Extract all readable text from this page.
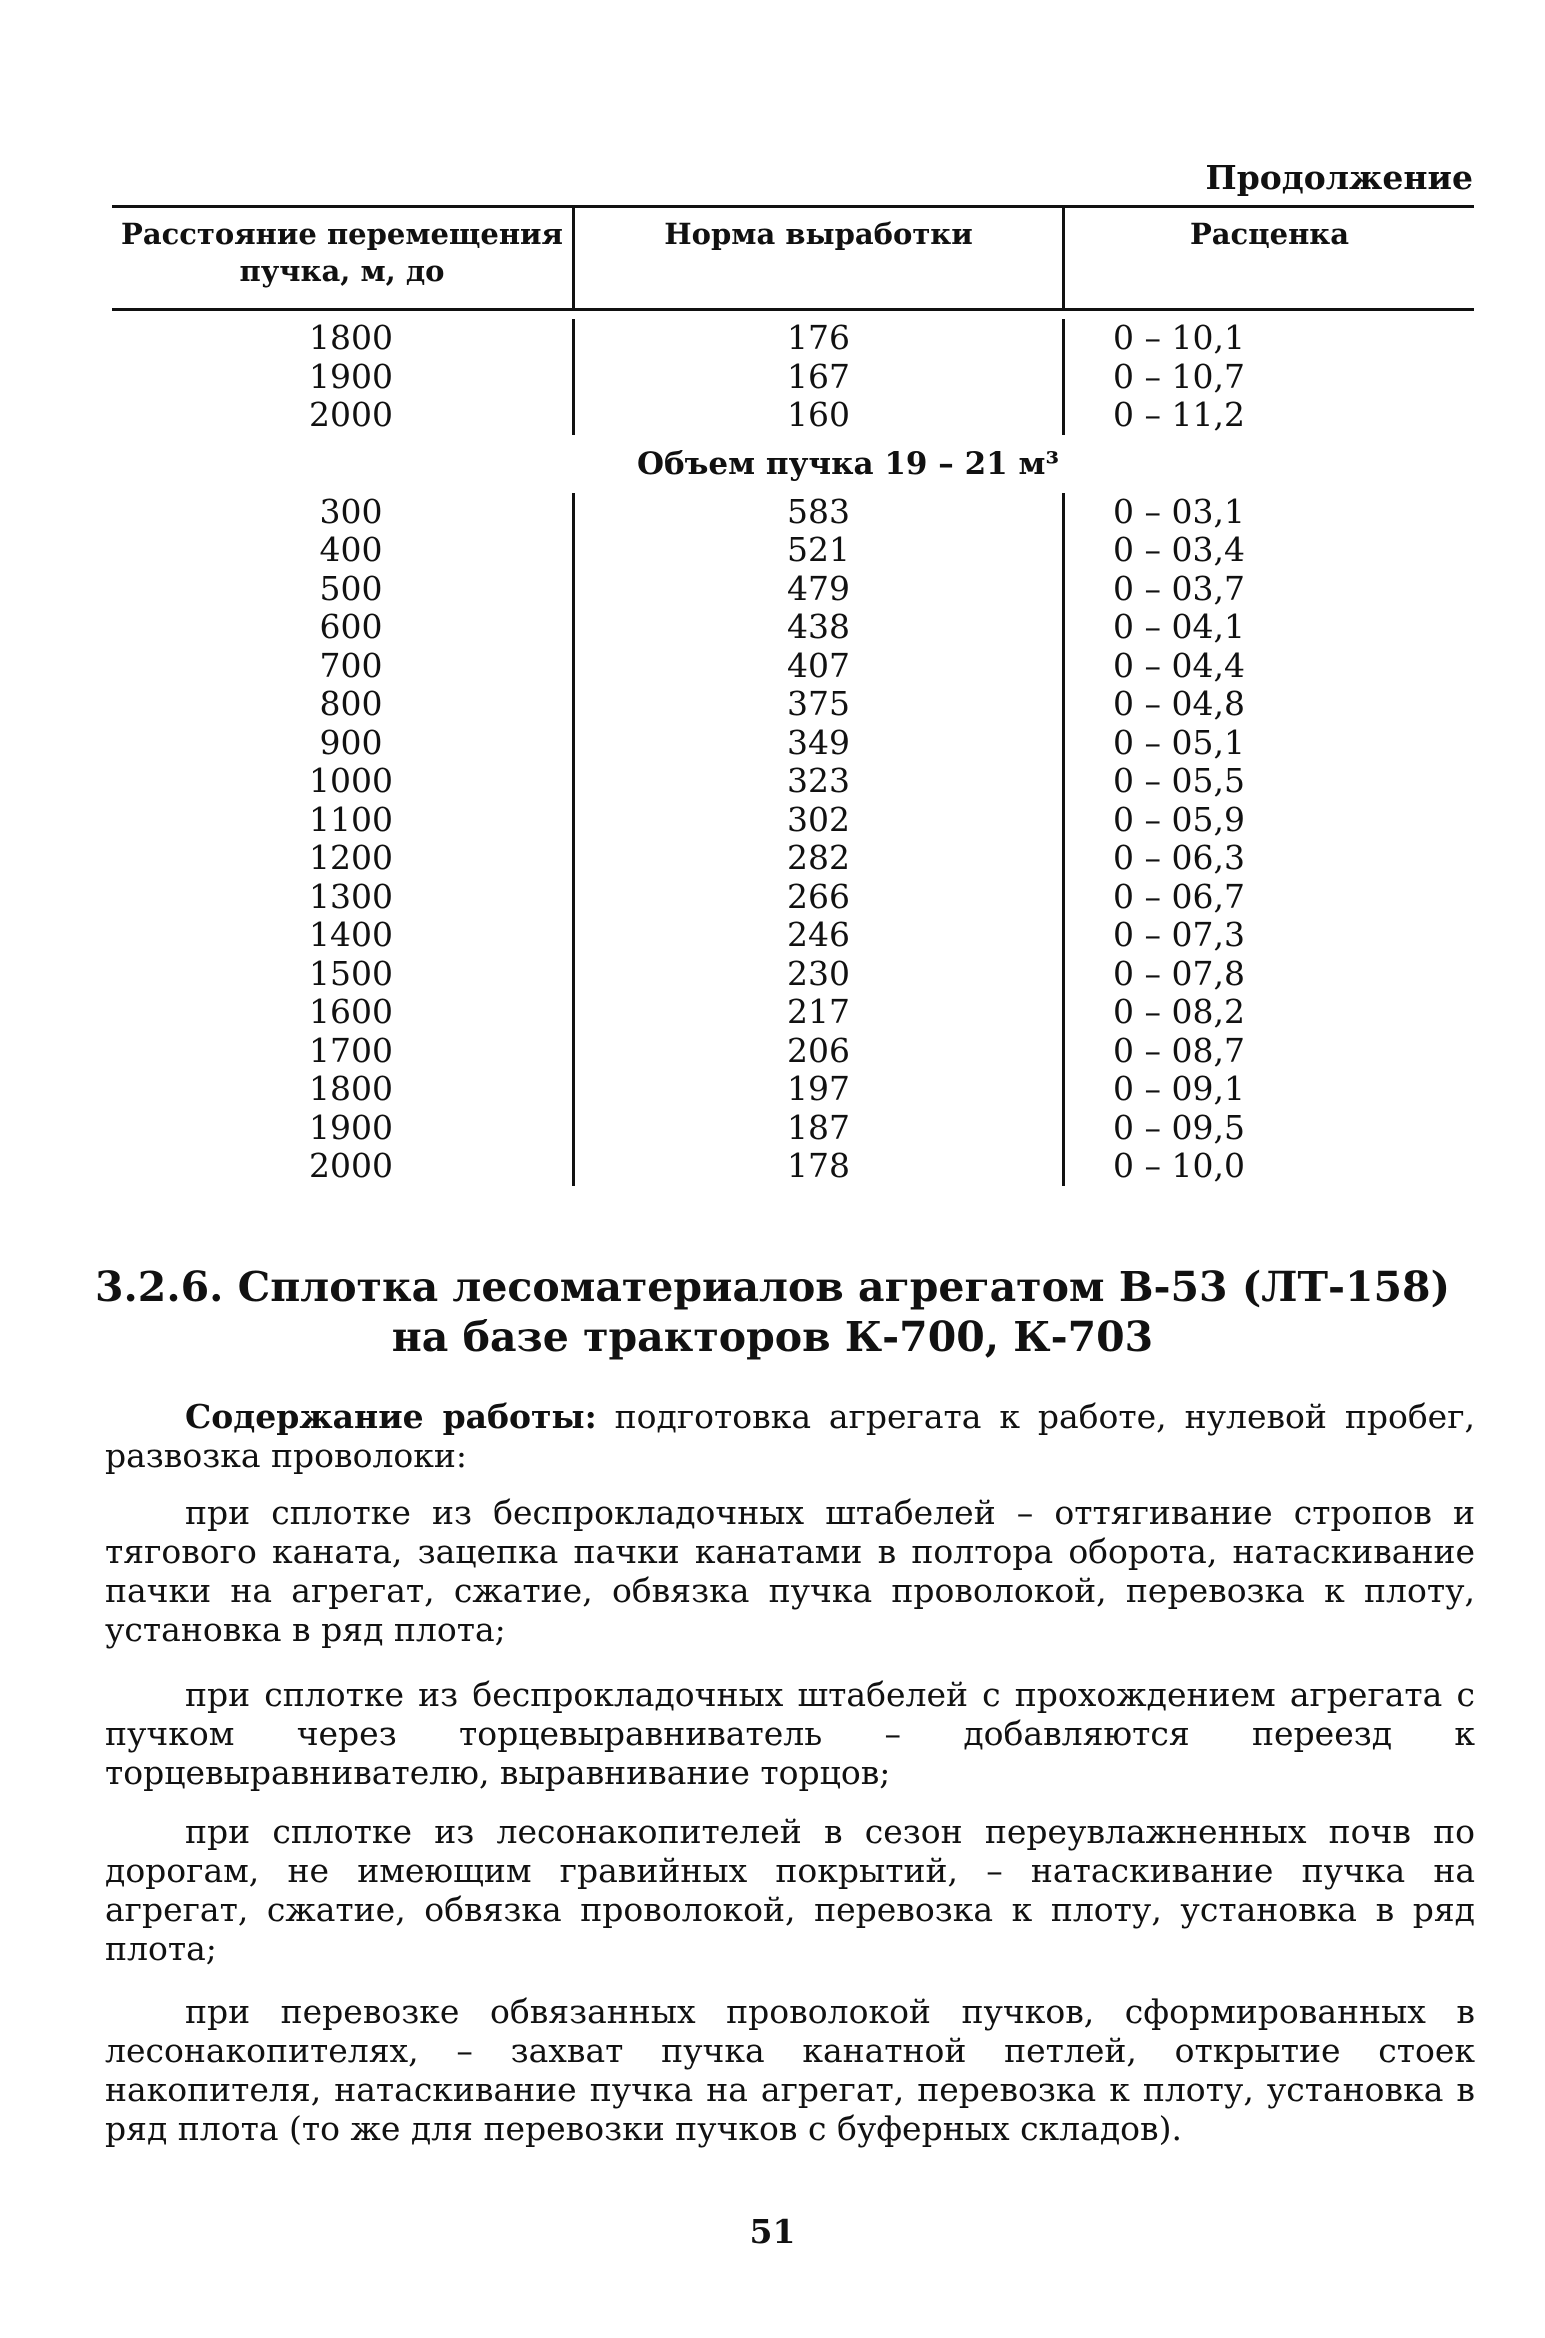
Продолжение
Расстояние перемещения пучка, м, до
Норма выработки	Расценка
1800
1900
2000
176
167
160
0 – 10,1
0 – 10,7
0 – 11,2
Объем пучка 19 – 21 м³
300
400
500
600
700
800
900
1000
1100
1200
1300
1400
1500
1600
1700
1800
1900
2000
583
521
479
438
407
375
349
323
302
282
266
246
230
217
206
197
187
178
0 – 03,1
0 – 03,4
0 – 03,7
0 – 04,1
0 – 04,4
0 – 04,8
0 – 05,1
0 – 05,5
0 – 05,9
0 – 06,3
0 – 06,7
0 – 07,3
0 – 07,8
0 – 08,2
0 – 08,7
0 – 09,1
0 – 09,5
0 – 10,0
3.2.6. Сплотка лесоматериалов агрегатом В-53 (ЛТ-158)
на базе тракторов К-700, К-703
Содержание работы: подготовка агрегата к работе, нулевой пробег, развозка проволоки:
при сплотке из беспрокладочных штабелей – оттягивание стропов и тягового каната, зацепка пачки канатами в полтора оборота, натаскивание пачки на агрегат, сжатие, обвязка пучка проволокой, перевозка к плоту, установка в ряд плота;
при сплотке из беспрокладочных штабелей с прохождением агрегата с пучком через торцевыравниватель – добавляются переезд к торцевыравнивателю, выравнивание торцов;
при сплотке из лесонакопителей в сезон переувлажненных почв по дорогам, не имеющим гравийных покрытий, – натаскивание пучка на агрегат, сжатие, обвязка проволокой, перевозка к плоту, установка в ряд плота;
при перевозке обвязанных проволокой пучков, сформированных в лесонакопителях, – захват пучка канатной петлей, открытие стоек накопителя, натаскивание пучка на агрегат, перевозка к плоту, установка в ряд плота (то же для перевозки пучков с буферных складов).
51
